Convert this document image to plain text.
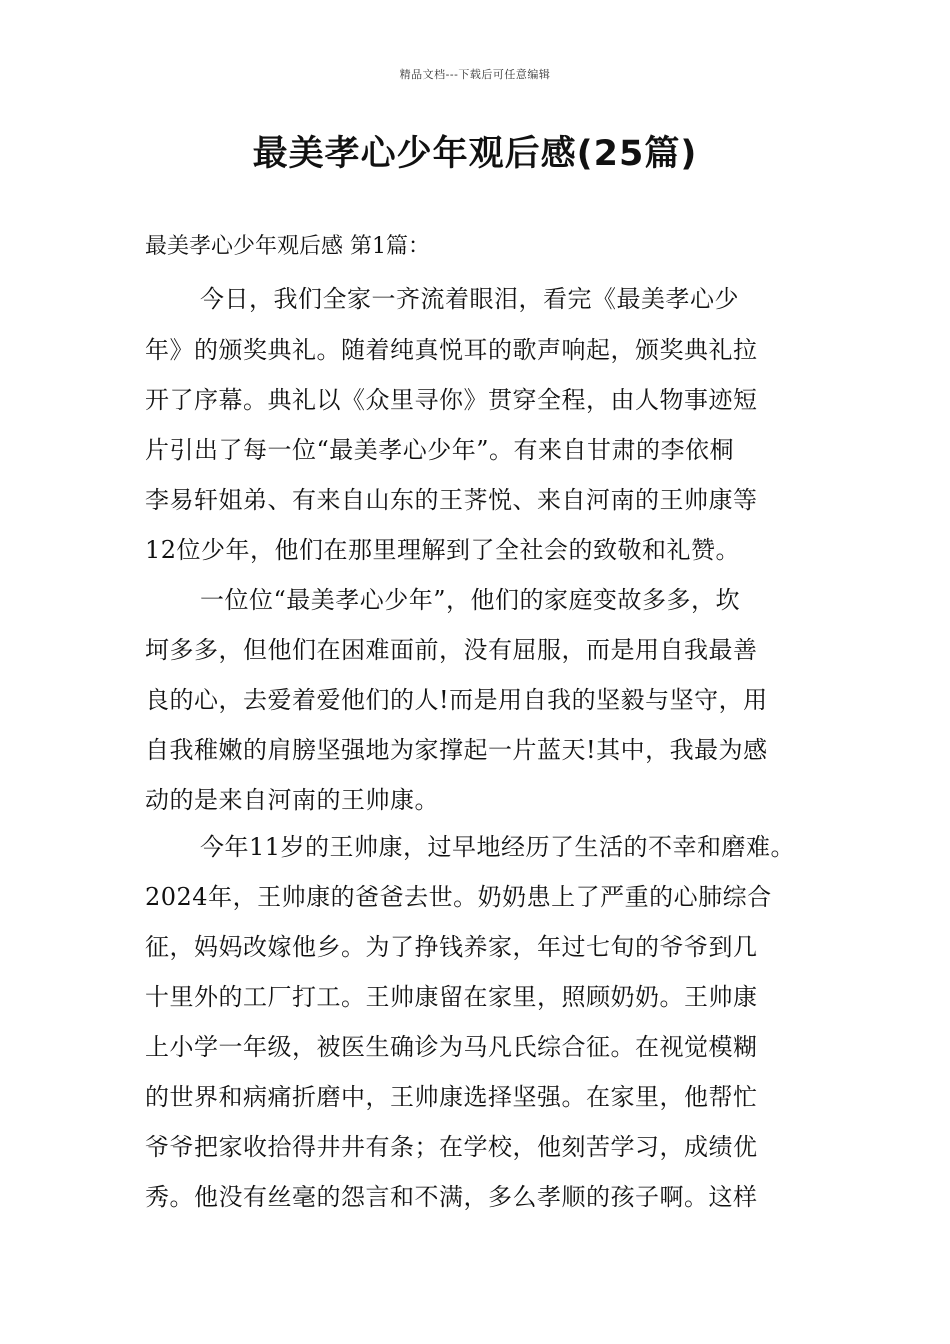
精品文档---下载后可任意编辑
最美孝心少年观后感(25篇)
最美孝心少年观后感 第1篇：
今日，我们全家一齐流着眼泪，看完《最美孝心少
年》的颁奖典礼。随着纯真悦耳的歌声响起，颁奖典礼拉
开了序幕。典礼以《众里寻你》贯穿全程，由人物事迹短
片引出了每一位“最美孝心少年”。有来自甘肃的李依桐
李易轩姐弟、有来自山东的王荠悦、来自河南的王帅康等
12位少年，他们在那里理解到了全社会的致敬和礼赞。
一位位“最美孝心少年”，他们的家庭变故多多，坎
坷多多，但他们在困难面前，没有屈服，而是用自我最善
良的心，去爱着爱他们的人!而是用自我的坚毅与坚守，用
自我稚嫩的肩膀坚强地为家撑起一片蓝天!其中，我最为感
动的是来自河南的王帅康。
今年11岁的王帅康，过早地经历了生活的不幸和磨难。
2024年，王帅康的爸爸去世。奶奶患上了严重的心肺综合
征，妈妈改嫁他乡。为了挣钱养家，年过七旬的爷爷到几
十里外的工厂打工。王帅康留在家里，照顾奶奶。王帅康
上小学一年级，被医生确诊为马凡氏综合征。在视觉模糊
的世界和病痛折磨中，王帅康选择坚强。在家里，他帮忙
爷爷把家收拾得井井有条；在学校，他刻苦学习，成绩优
秀。他没有丝毫的怨言和不满，多么孝顺的孩子啊。这样
